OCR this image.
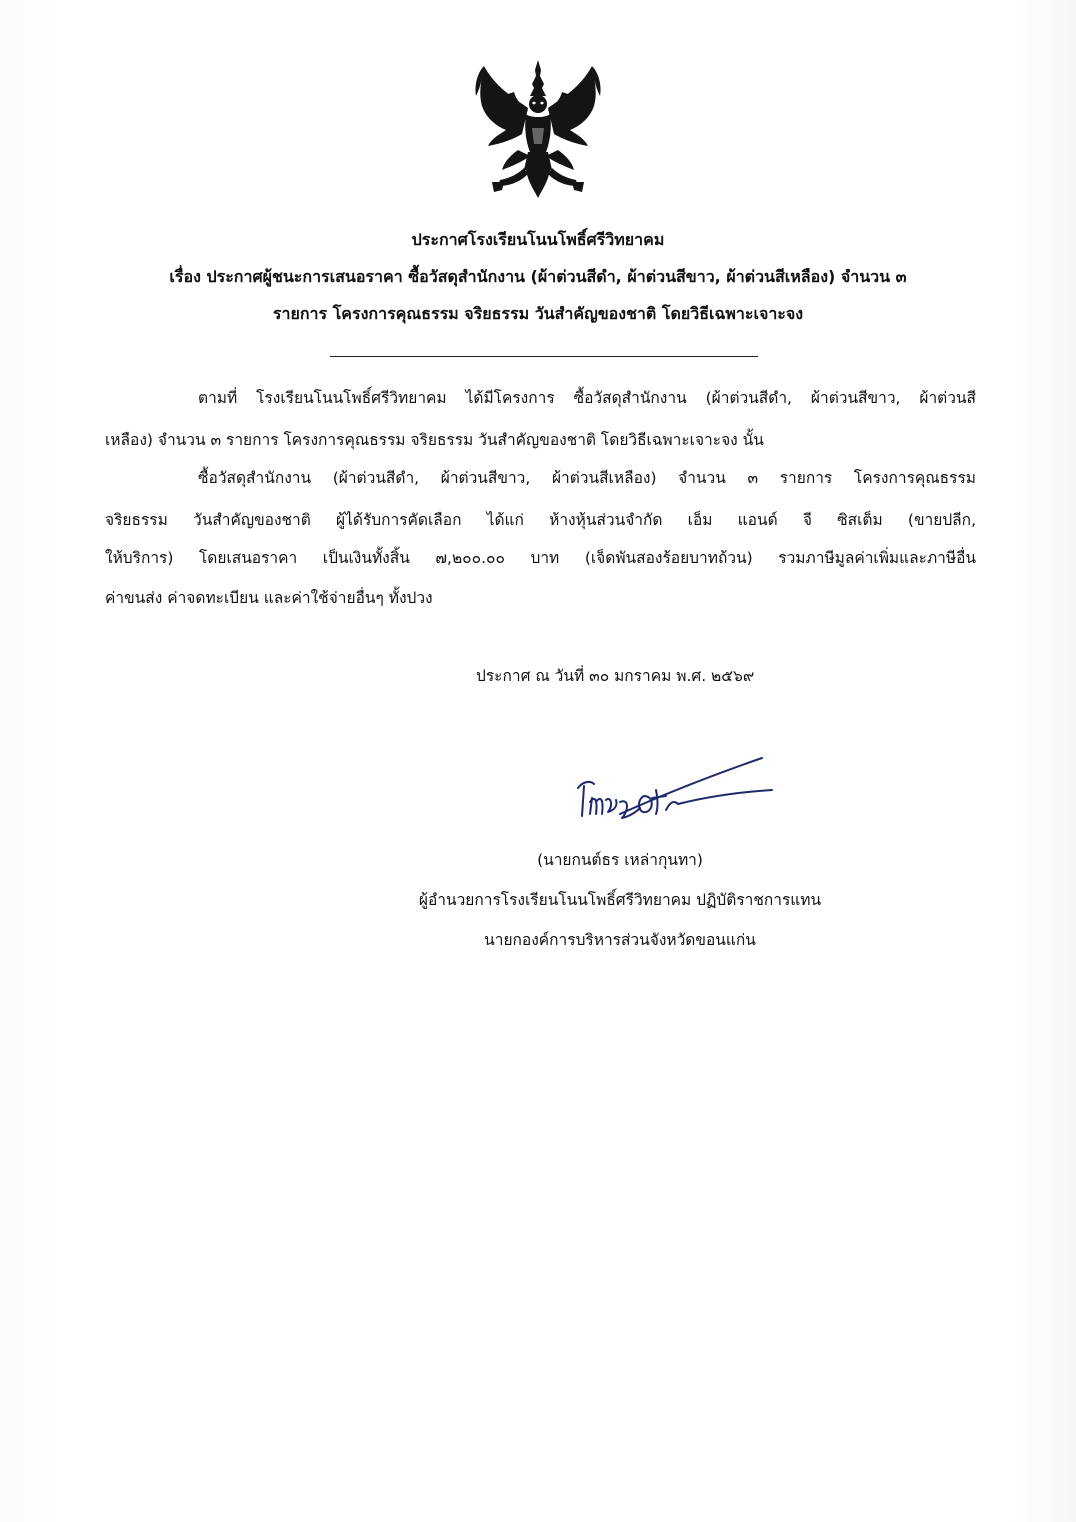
ประกาศโรงเรียนโนนโพธิ์ศรีวิทยาคม
เรื่อง ประกาศผู้ชนะการเสนอราคา ซื้อวัสดุสำนักงาน (ผ้าต่วนสีดำ, ผ้าต่วนสีขาว, ผ้าต่วนสีเหลือง) จำนวน ๓
รายการ โครงการคุณธรรม จริยธรรม วันสำคัญของชาติ โดยวิธีเฉพาะเจาะจง
ตามที่ โรงเรียนโนนโพธิ์ศรีวิทยาคม ได้มีโครงการ ซื้อวัสดุสำนักงาน (ผ้าต่วนสีดำ, ผ้าต่วนสีขาว, ผ้าต่วนสี
เหลือง) จำนวน ๓ รายการ โครงการคุณธรรม จริยธรรม วันสำคัญของชาติ โดยวิธีเฉพาะเจาะจง นั้น
ซื้อวัสดุสำนักงาน (ผ้าต่วนสีดำ, ผ้าต่วนสีขาว, ผ้าต่วนสีเหลือง) จำนวน ๓ รายการ โครงการคุณธรรม
จริยธรรม วันสำคัญของชาติ ผู้ได้รับการคัดเลือก ได้แก่ ห้างหุ้นส่วนจำกัด เอ็ม แอนด์ จี ซิสเต็ม (ขายปลีก,
ให้บริการ) โดยเสนอราคา เป็นเงินทั้งสิ้น ๗,๒๐๐.๐๐ บาท (เจ็ดพันสองร้อยบาทถ้วน) รวมภาษีมูลค่าเพิ่มและภาษีอื่น
ค่าขนส่ง ค่าจดทะเบียน และค่าใช้จ่ายอื่นๆ ทั้งปวง
ประกาศ ณ วันที่ ๓๐ มกราคม พ.ศ. ๒๕๖๙
(นายกนต์ธร เหล่ากุนทา)
ผู้อำนวยการโรงเรียนโนนโพธิ์ศรีวิทยาคม ปฏิบัติราชการแทน
นายกองค์การบริหารส่วนจังหวัดขอนแก่น
